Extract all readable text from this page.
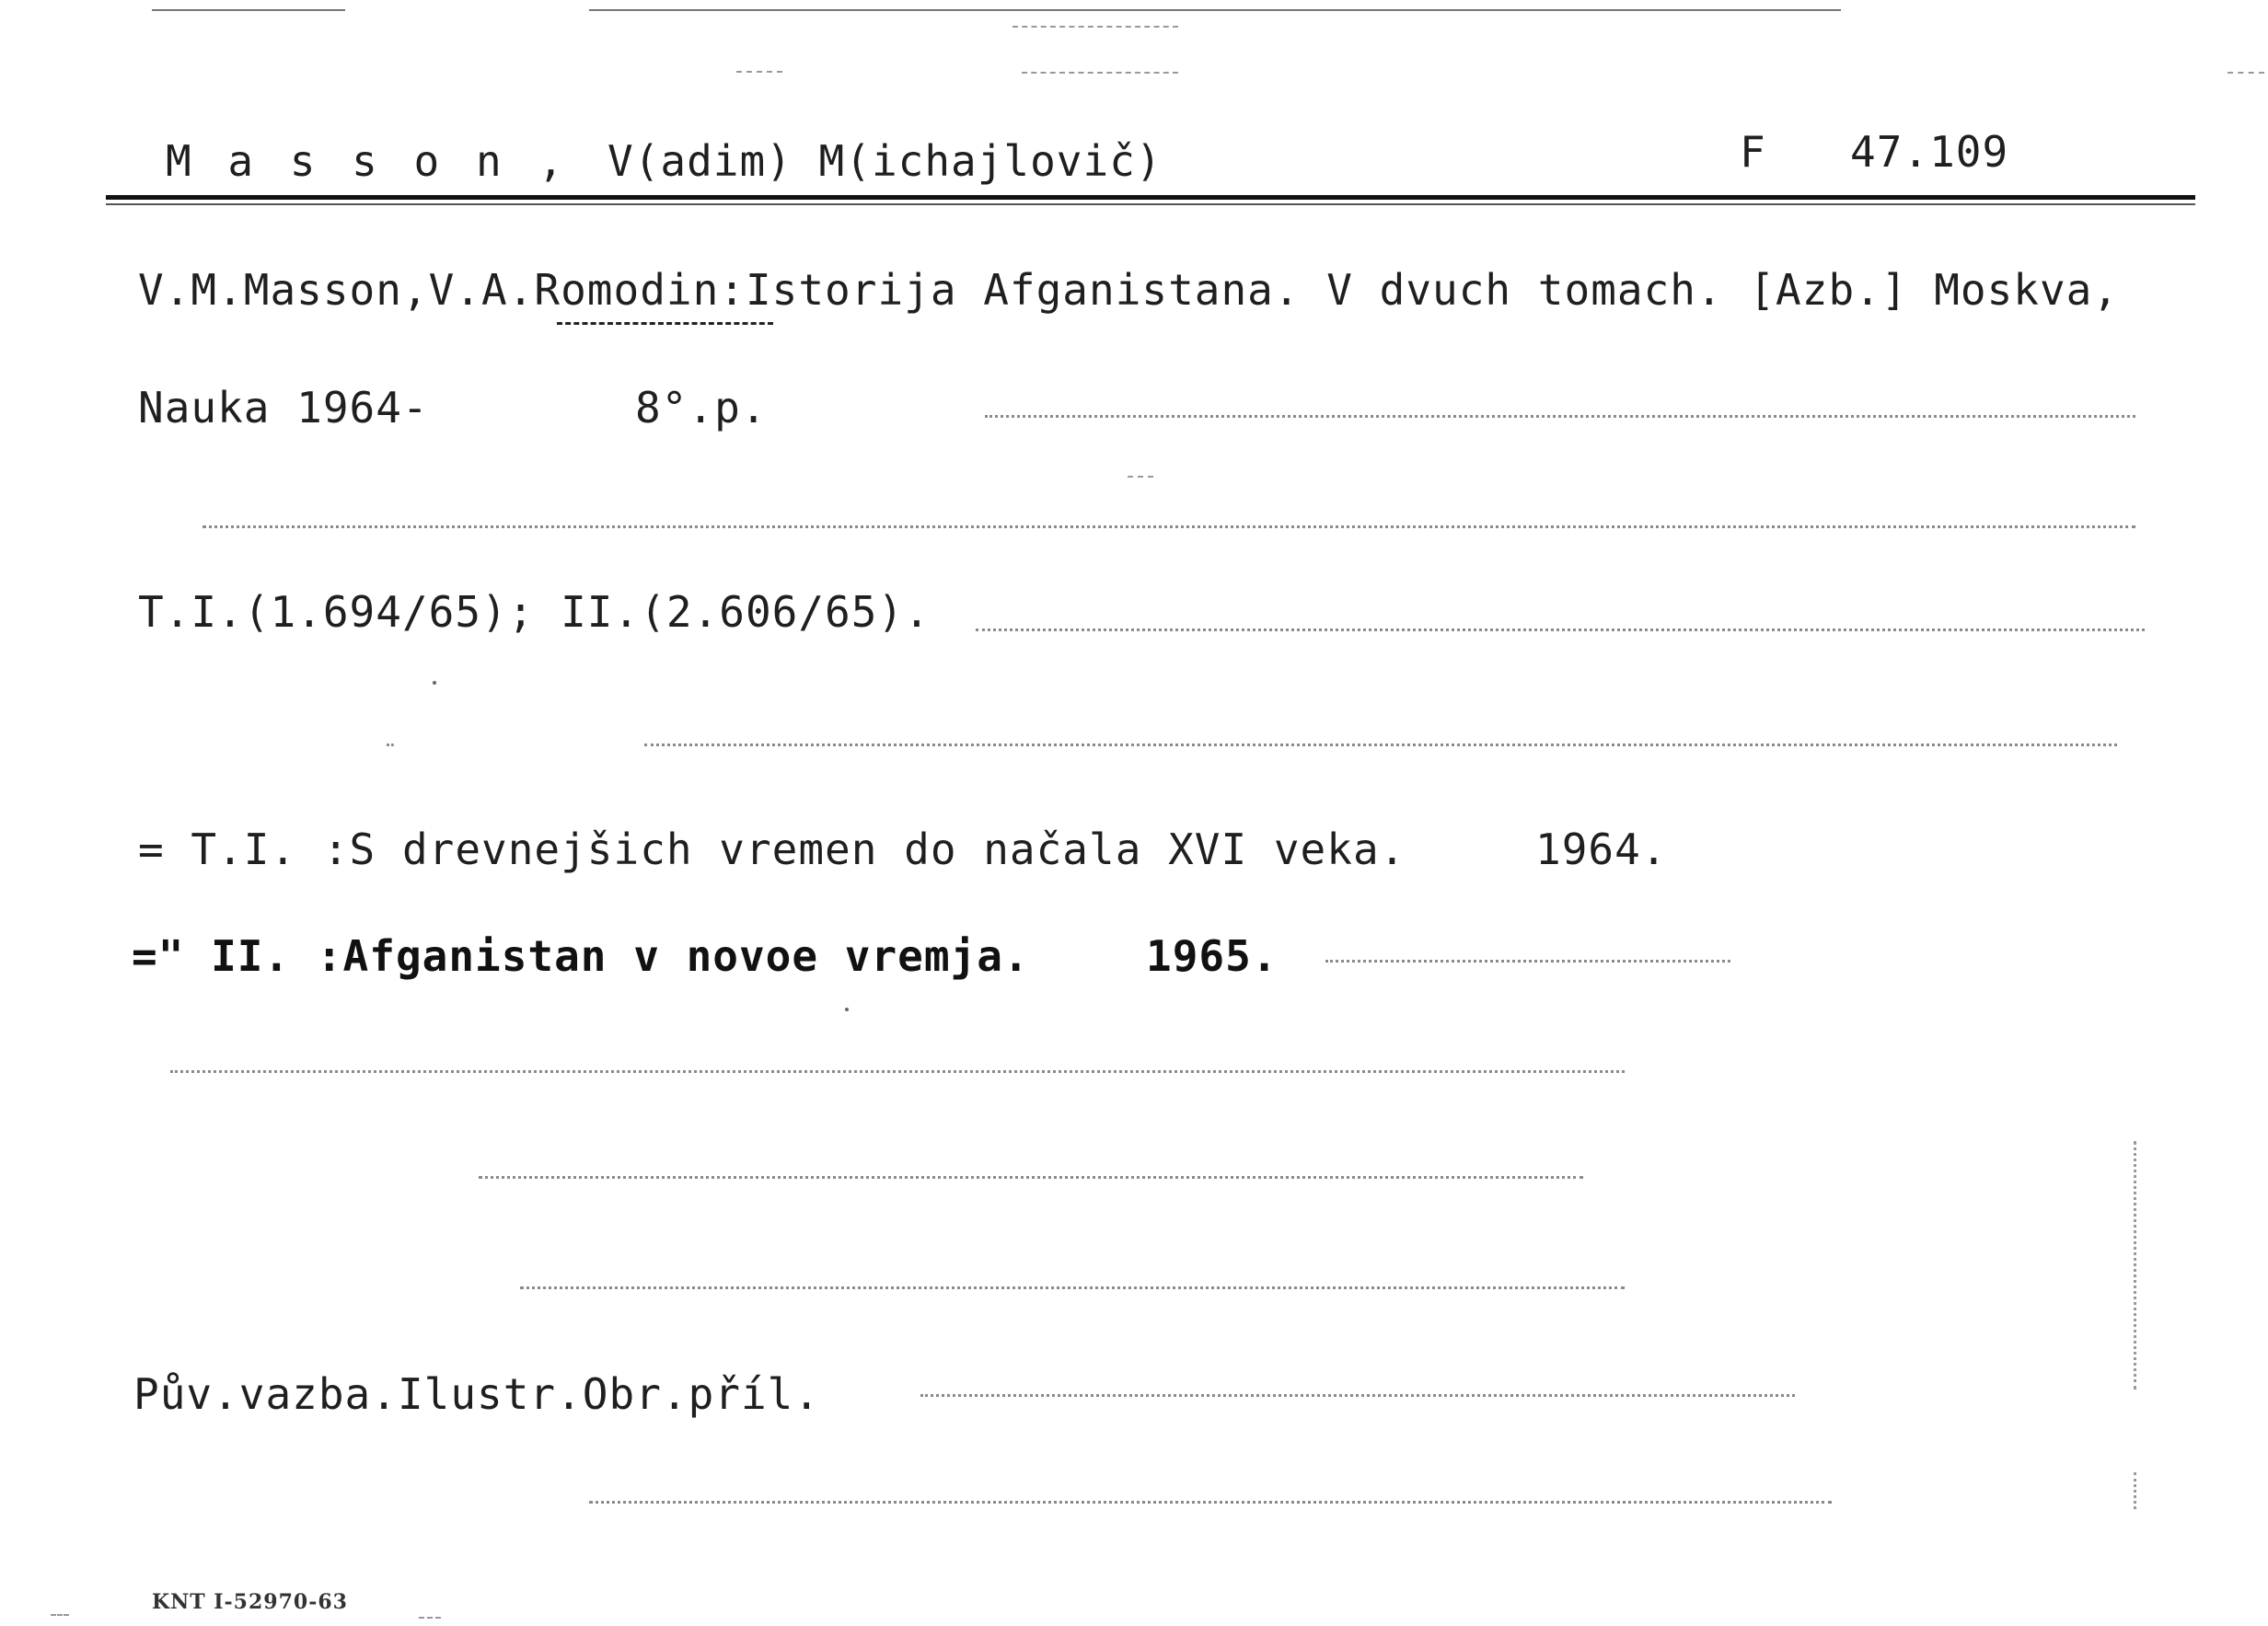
M a s s o n , V(adim) M(ichajlovič)	F 47.109
V.M.Masson,V.A.Romodin:Istorija Afganistana. V dvuch tomach. [Azb.] Moskva,
Nauka 1964-	8°.p.
T.I.(1.694/65); II.(2.606/65).
= T.I. :S drevnejšich vremen do načala XVI veka.	1964.
=" II. :Afganistan v novoe vremja.	1965.
Pův.vazba.Ilustr.Obr.příl.
KNT I-52970-63
